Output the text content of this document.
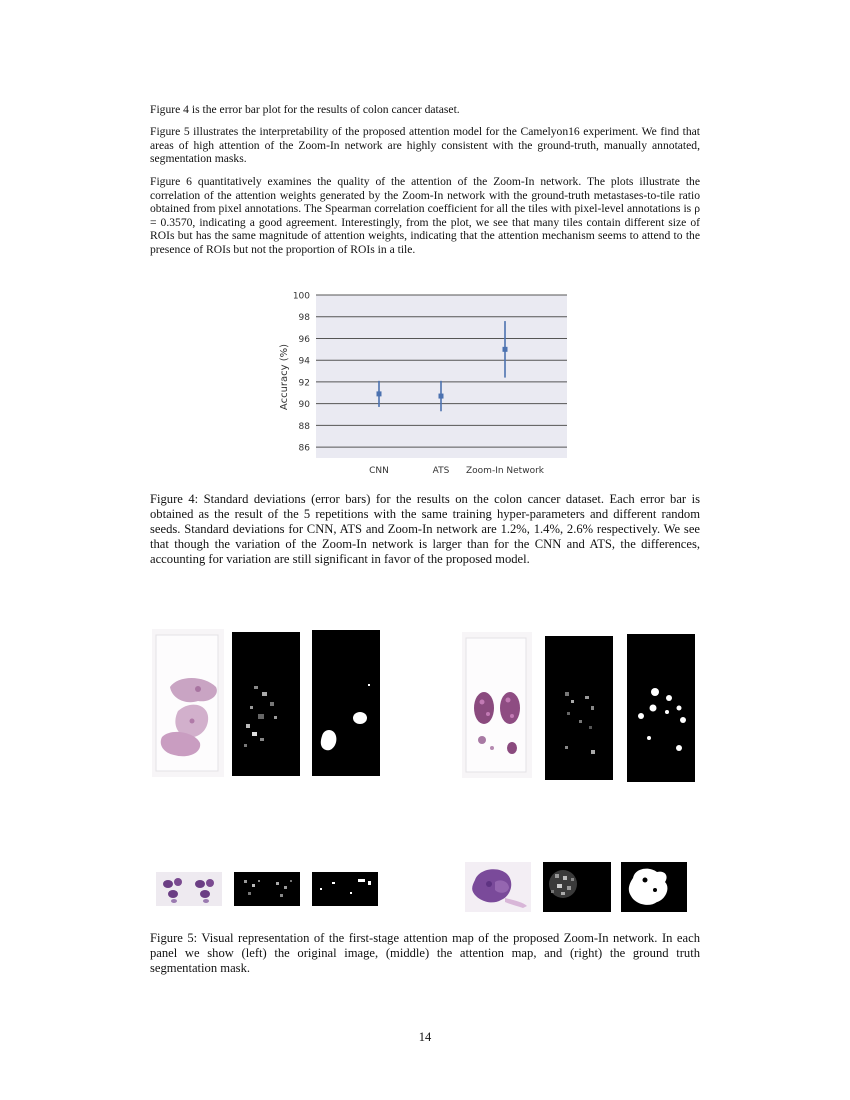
Figure 4 is the error bar plot for the results of colon cancer dataset.

Figure 5 illustrates the interpretability of the proposed attention model for the Camelyon16 experiment. We find that areas of high attention of the Zoom-In network are highly consistent with the ground-truth, manually annotated, segmentation masks.

Figure 6 quantitatively examines the quality of the attention of the Zoom-In network. The plots illustrate the correlation of the attention weights generated by the Zoom-In network with the ground-truth metastases-to-tile ratio obtained from pixel annotations. The Spearman correlation coefficient for all the tiles with pixel-level annotations is ρ = 0.3570, indicating a good agreement. Interestingly, from the plot, we see that many tiles contain different size of ROIs but has the same magnitude of attention weights, indicating that the attention mechanism seems to attend to the presence of ROIs but not the proportion of ROIs in a tile.

86
88
90
92
94
96
98
100
CNN	ATS Zoom-In Network
Accuracy (%)

Figure 4: Standard deviations (error bars) for the results on the colon cancer dataset. Each error bar is obtained as the result of the 5 repetitions with the same training hyper-parameters and different random seeds. Standard deviations for CNN, ATS and Zoom-In network are 1.2%, 1.4%, 2.6% respectively. We see that though the variation of the Zoom-In network is larger than for the CNN and ATS, the differences, accounting for variation are still significant in favor of the proposed model.

Figure 5: Visual representation of the first-stage attention map of the proposed Zoom-In network. In each panel we show (left) the original image, (middle) the attention map, and (right) the ground truth segmentation mask.

14
